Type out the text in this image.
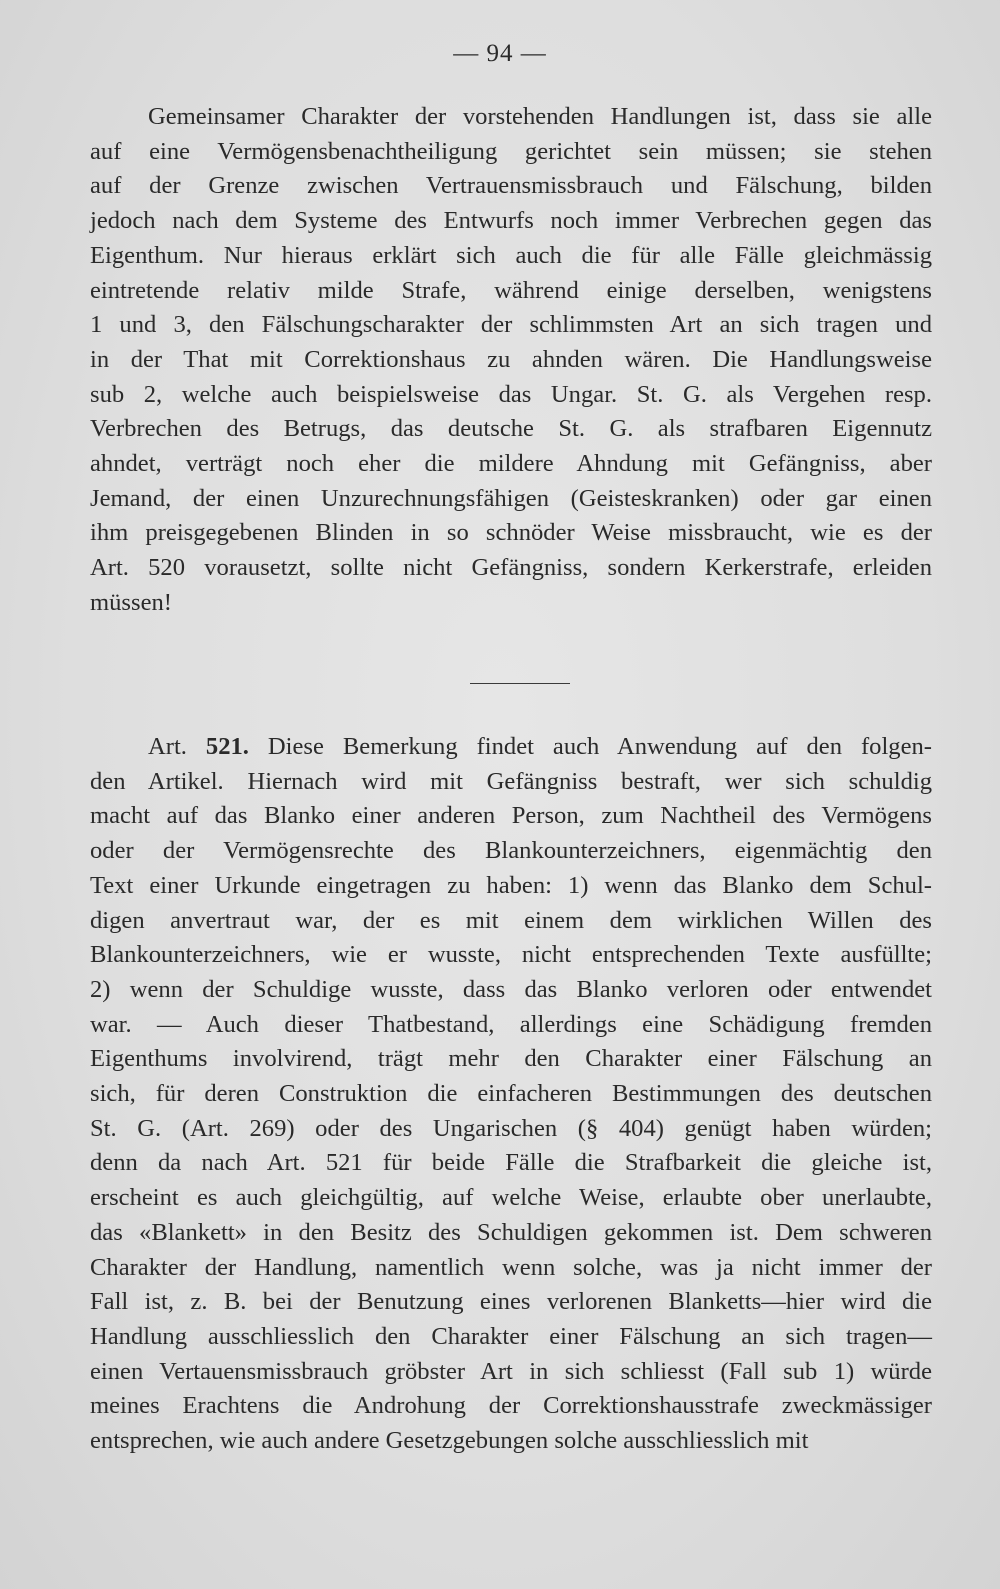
— 94 —
Gemeinsamer Charakter der vorstehenden Handlungen ist, dass sie alle
auf eine Vermögensbenachtheiligung gerichtet sein müssen; sie stehen
auf der Grenze zwischen Vertrauensmissbrauch und Fälschung, bilden
jedoch nach dem Systeme des Entwurfs noch immer Verbrechen gegen das
Eigenthum. Nur hieraus erklärt sich auch die für alle Fälle gleichmässig
eintretende relativ milde Strafe, während einige derselben, wenigstens
1 und 3, den Fälschungscharakter der schlimmsten Art an sich tragen und
in der That mit Correktionshaus zu ahnden wären. Die Handlungsweise
sub 2, welche auch beispielsweise das Ungar. St. G. als Vergehen resp.
Verbrechen des Betrugs, das deutsche St. G. als strafbaren Eigennutz
ahndet, verträgt noch eher die mildere Ahndung mit Gefängniss, aber
Jemand, der einen Unzurechnungsfähigen (Geisteskranken) oder gar einen
ihm preisgegebenen Blinden in so schnöder Weise missbraucht, wie es der
Art. 520 vorausetzt, sollte nicht Gefängniss, sondern Kerkerstrafe, erleiden
müssen!
Art. 521. Diese Bemerkung findet auch Anwendung auf den folgen-
den Artikel. Hiernach wird mit Gefängniss bestraft, wer sich schuldig
macht auf das Blanko einer anderen Person, zum Nachtheil des Vermögens
oder der Vermögensrechte des Blankounterzeichners, eigenmächtig den
Text einer Urkunde eingetragen zu haben: 1) wenn das Blanko dem Schul-
digen anvertraut war, der es mit einem dem wirklichen Willen des
Blankounterzeichners, wie er wusste, nicht entsprechenden Texte ausfüllte;
2) wenn der Schuldige wusste, dass das Blanko verloren oder entwendet
war. — Auch dieser Thatbestand, allerdings eine Schädigung fremden
Eigenthums involvirend, trägt mehr den Charakter einer Fälschung an
sich, für deren Construktion die einfacheren Bestimmungen des deutschen
St. G. (Art. 269) oder des Ungarischen (§ 404) genügt haben würden;
denn da nach Art. 521 für beide Fälle die Strafbarkeit die gleiche ist,
erscheint es auch gleichgültig, auf welche Weise, erlaubte ober unerlaubte,
das «Blankett» in den Besitz des Schuldigen gekommen ist. Dem schweren
Charakter der Handlung, namentlich wenn solche, was ja nicht immer der
Fall ist, z. B. bei der Benutzung eines verlorenen Blanketts—hier wird die
Handlung ausschliesslich den Charakter einer Fälschung an sich tragen—
einen Vertauensmissbrauch gröbster Art in sich schliesst (Fall sub 1) würde
meines Erachtens die Androhung der Correktionshausstrafe zweckmässiger
entsprechen, wie auch andere Gesetzgebungen solche ausschliesslich mit
